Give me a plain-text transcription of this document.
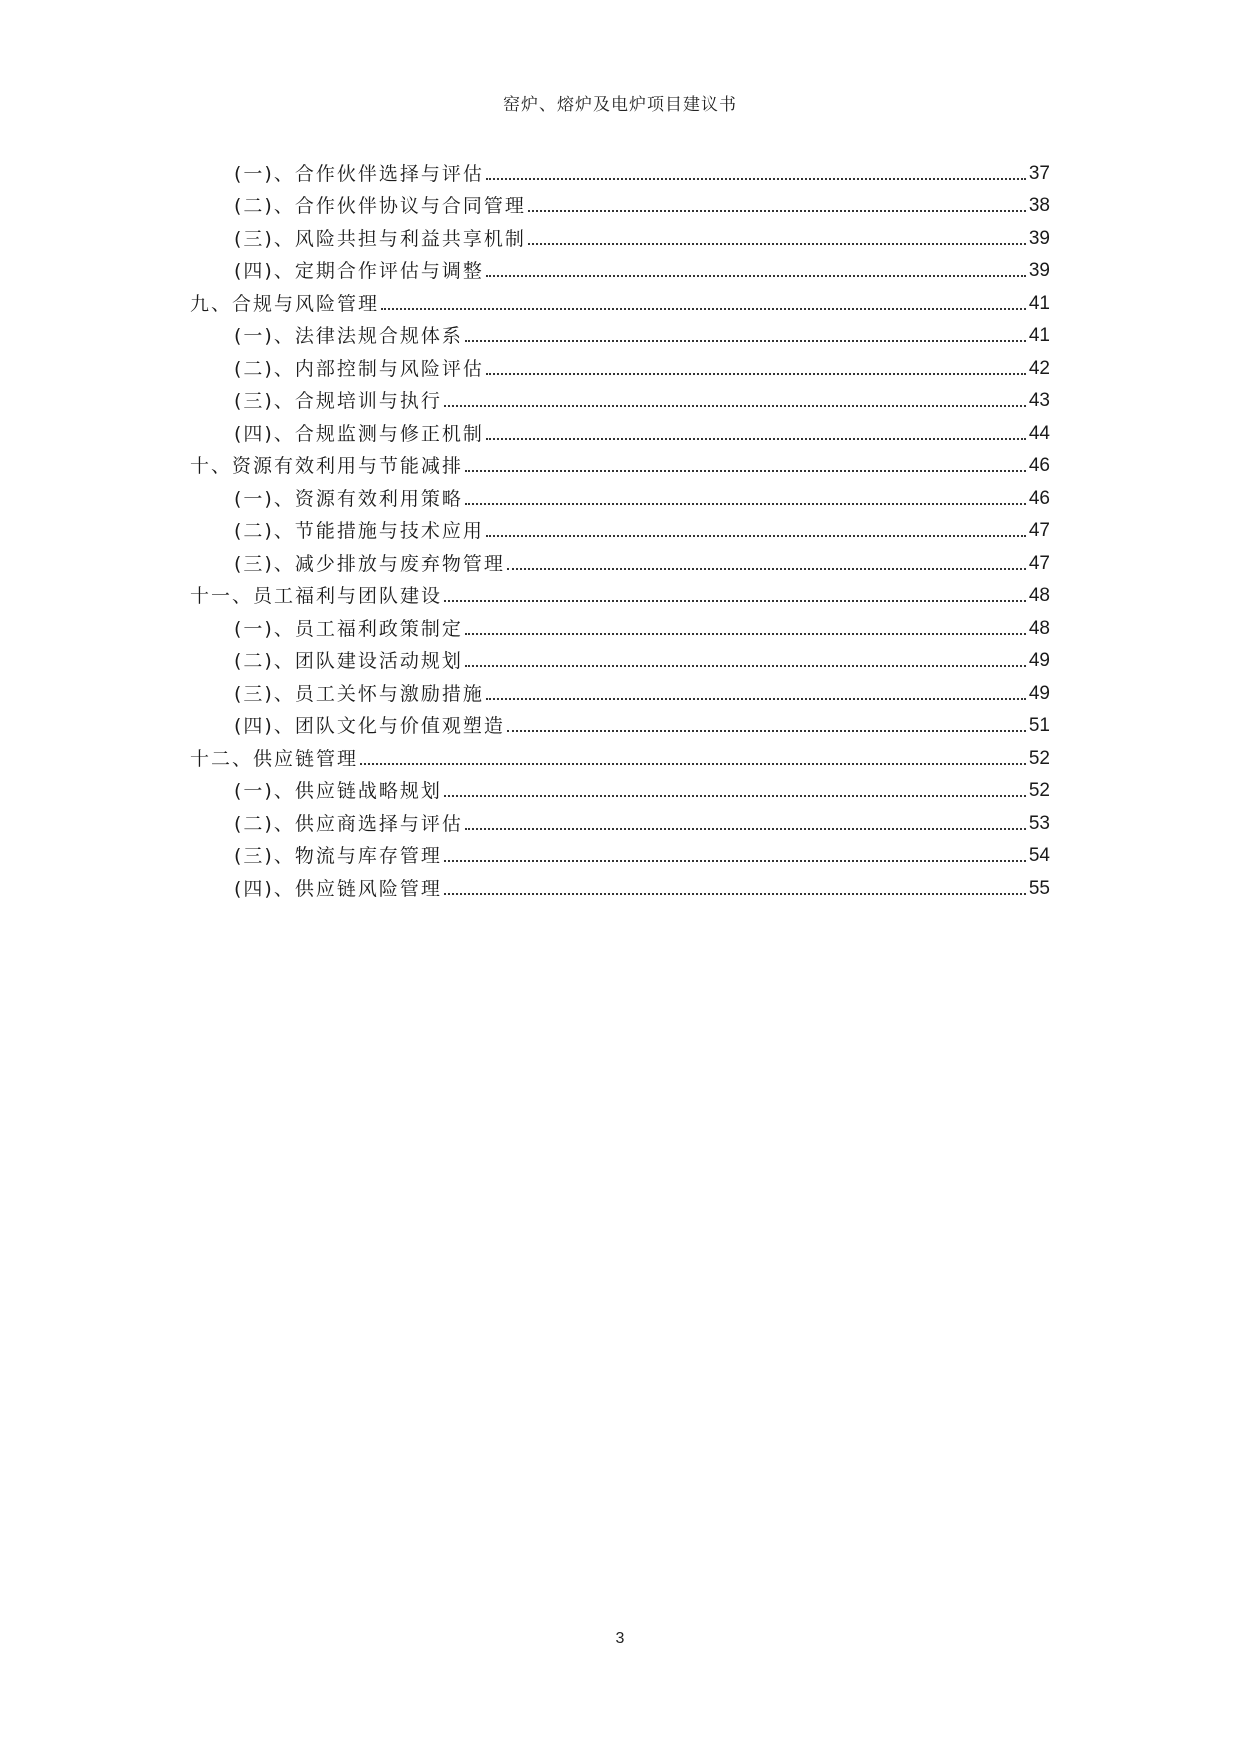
窑炉、熔炉及电炉项目建议书
(一)、合作伙伴选择与评估	37
(二)、合作伙伴协议与合同管理	38
(三)、风险共担与利益共享机制	39
(四)、定期合作评估与调整	39
九、合规与风险管理	41
(一)、法律法规合规体系	41
(二)、内部控制与风险评估	42
(三)、合规培训与执行	43
(四)、合规监测与修正机制	44
十、资源有效利用与节能减排	46
(一)、资源有效利用策略	46
(二)、节能措施与技术应用	47
(三)、减少排放与废弃物管理	47
十一、员工福利与团队建设	48
(一)、员工福利政策制定	48
(二)、团队建设活动规划	49
(三)、员工关怀与激励措施	49
(四)、团队文化与价值观塑造	51
十二、供应链管理	52
(一)、供应链战略规划	52
(二)、供应商选择与评估	53
(三)、物流与库存管理	54
(四)、供应链风险管理	55
3
